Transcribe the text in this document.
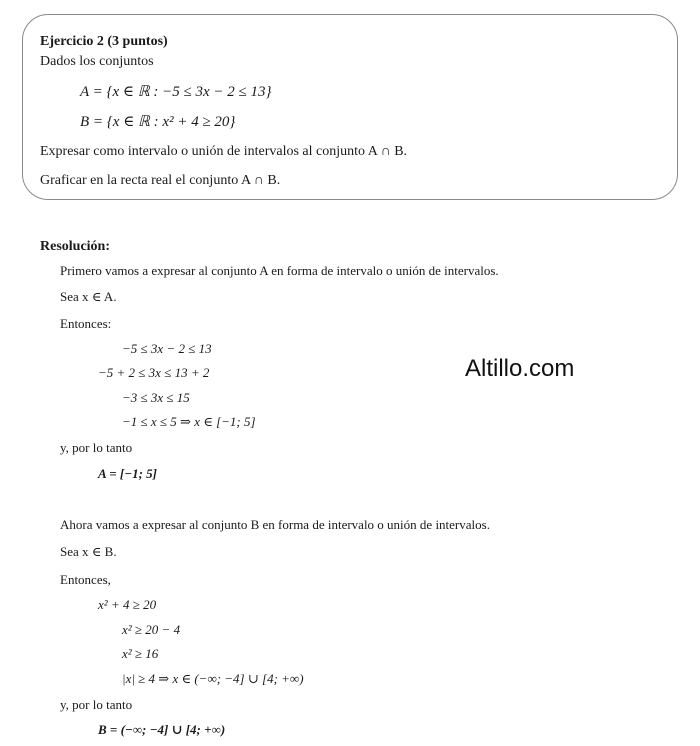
Ejercicio 2 (3 puntos)
Dados los conjuntos
A = {x ∈ ℝ : −5 ≤ 3x − 2 ≤ 13}
B = {x ∈ ℝ : x² + 4 ≥ 20}
Expresar como intervalo o unión de intervalos al conjunto A ∩ B.
Graficar en la recta real el conjunto A ∩ B.
Resolución:
Primero vamos a expresar al conjunto A en forma de intervalo o unión de intervalos.
Sea x ∈ A.
Entonces:
−5 ≤ 3x − 2 ≤ 13
−5 + 2 ≤ 3x ≤ 13 + 2
−3 ≤ 3x ≤ 15
−1 ≤ x ≤ 5 ⇒ x ∈ [−1; 5]
y, por lo tanto
A = [−1; 5]
Ahora vamos a expresar al conjunto B en forma de intervalo o unión de intervalos.
Sea x ∈ B.
Entonces,
x² + 4 ≥ 20
x² ≥ 20 − 4
x² ≥ 16
|x| ≥ 4 ⇒ x ∈ (−∞; −4] ∪ [4; +∞)
y, por lo tanto
B = (−∞; −4] ∪ [4; +∞)
Altillo.com
